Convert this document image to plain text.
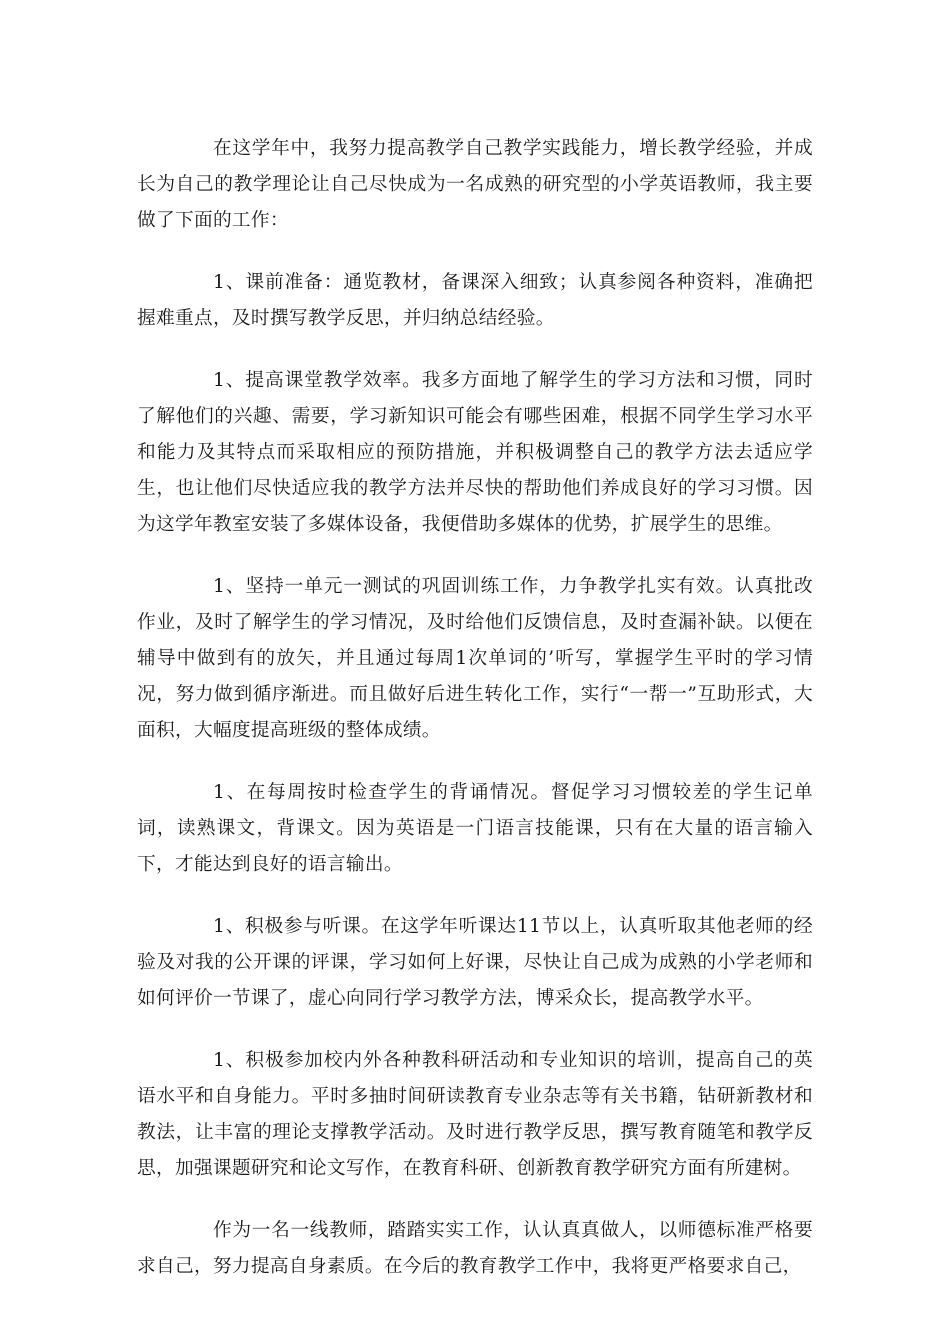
在这学年中，我努力提高教学自己教学实践能力，增长教学经验，并成长为自己的教学理论让自己尽快成为一名成熟的研究型的小学英语教师，我主要做了下面的工作：

1、课前准备：通览教材，备课深入细致；认真参阅各种资料，准确把握难重点，及时撰写教学反思，并归纳总结经验。

1、提高课堂教学效率。我多方面地了解学生的学习方法和习惯，同时了解他们的兴趣、需要，学习新知识可能会有哪些困难，根据不同学生学习水平和能力及其特点而采取相应的预防措施，并积极调整自己的教学方法去适应学生，也让他们尽快适应我的教学方法并尽快的帮助他们养成良好的学习习惯。因为这学年教室安装了多媒体设备，我便借助多媒体的优势，扩展学生的思维。

1、坚持一单元一测试的巩固训练工作，力争教学扎实有效。认真批改作业，及时了解学生的学习情况，及时给他们反馈信息，及时查漏补缺。以便在辅导中做到有的放矢，并且通过每周1次单词的’听写，掌握学生平时的学习情况，努力做到循序渐进。而且做好后进生转化工作，实行“一帮一”互助形式，大面积，大幅度提高班级的整体成绩。

1、在每周按时检查学生的背诵情况。督促学习习惯较差的学生记单词，读熟课文，背课文。因为英语是一门语言技能课，只有在大量的语言输入下，才能达到良好的语言输出。

1、积极参与听课。在这学年听课达11节以上，认真听取其他老师的经验及对我的公开课的评课，学习如何上好课，尽快让自己成为成熟的小学老师和如何评价一节课了，虚心向同行学习教学方法，博采众长，提高教学水平。

1、积极参加校内外各种教科研活动和专业知识的培训，提高自己的英语水平和自身能力。平时多抽时间研读教育专业杂志等有关书籍，钻研新教材和教法，让丰富的理论支撑教学活动。及时进行教学反思，撰写教育随笔和教学反思，加强课题研究和论文写作，在教育科研、创新教育教学研究方面有所建树。

作为一名一线教师，踏踏实实工作，认认真真做人，以师德标准严格要求自己，努力提高自身素质。在今后的教育教学工作中，我将更严格要求自己，
